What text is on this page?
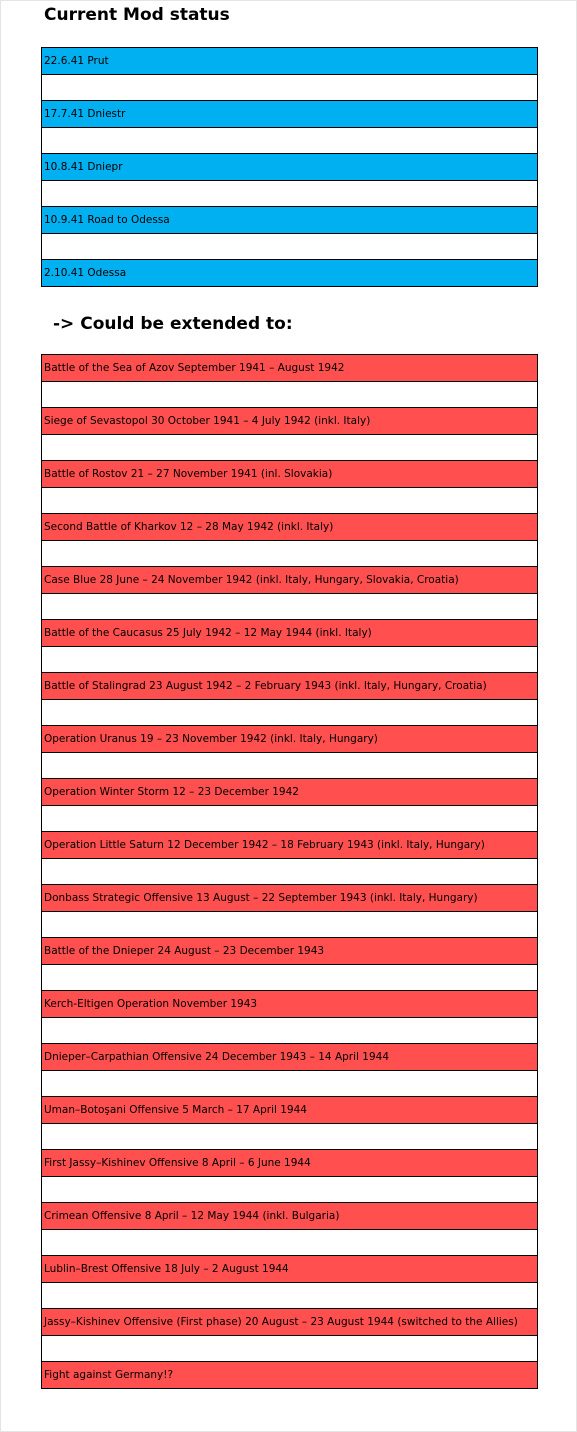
Current Mod status
22.6.41 Prut
17.7.41 Dniestr
10.8.41 Dniepr
10.9.41 Road to Odessa
2.10.41 Odessa
-> Could be extended to:
Battle of the Sea of Azov September 1941 – August 1942
Siege of Sevastopol 30 October 1941 – 4 July 1942 (inkl. Italy)
Battle of Rostov 21 – 27 November 1941 (inl. Slovakia)
Second Battle of Kharkov 12 – 28 May 1942 (inkl. Italy)
Case Blue 28 June – 24 November 1942 (inkl. Italy, Hungary, Slovakia, Croatia)
Battle of the Caucasus 25 July 1942 – 12 May 1944 (inkl. Italy)
Battle of Stalingrad 23 August 1942 – 2 February 1943 (inkl. Italy, Hungary, Croatia)
Operation Uranus 19 – 23 November 1942 (inkl. Italy, Hungary)
Operation Winter Storm 12 – 23 December 1942
Operation Little Saturn 12 December 1942 – 18 February 1943 (inkl. Italy, Hungary)
Donbass Strategic Offensive 13 August – 22 September 1943 (inkl. Italy, Hungary)
Battle of the Dnieper 24 August – 23 December 1943
Kerch-Eltigen Operation November 1943
Dnieper–Carpathian Offensive 24 December 1943 – 14 April 1944
Uman–Botoşani Offensive 5 March – 17 April 1944
First Jassy–Kishinev Offensive 8 April – 6 June 1944
Crimean Offensive 8 April – 12 May 1944 (inkl. Bulgaria)
Lublin–Brest Offensive 18 July – 2 August 1944
Jassy–Kishinev Offensive (First phase) 20 August – 23 August 1944 (switched to the Allies)
Fight against Germany!?
